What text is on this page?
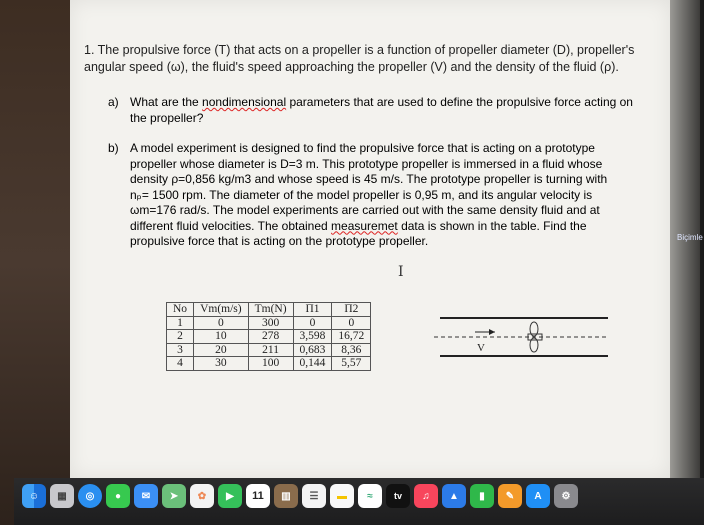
Biçimle

1. The propulsive force (T) that acts on a propeller is a function of propeller diameter (D), propeller's angular speed (ω), the fluid's speed approaching the propeller (V) and the density of the fluid (ρ).

a) What are the nondimensional parameters that are used to define the propulsive force acting on the propeller?
b) A model experiment is designed to find the propulsive force that is acting on a prototype propeller whose diameter is D=3 m. This prototype propeller is immersed in a fluid whose density ρ=0,856 kg/m3 and whose speed is 45 m/s. The prototype propeller is turning with nₚ= 1500 rpm. The diameter of the model propeller is 0,95 m, and its angular velocity is ωm=176 rad/s. The model experiments are carried out with the same density fluid and at different fluid velocities. The obtained measuremet data is shown in the table. Find the propulsive force that is acting on the prototype propeller.
I
No	Vm(m/s)	Tm(N)	Π1	Π2
1	0	300	0	0
2	10	278	3,598	16,72
3	20	211	0,683	8,36
4	30	100	0,144	5,57
V
☺	▦	◎	●	✉	➤	✿	▶	11	▥	☰	▬	≈	tv	♫	▲	▮	✎	A	⚙
